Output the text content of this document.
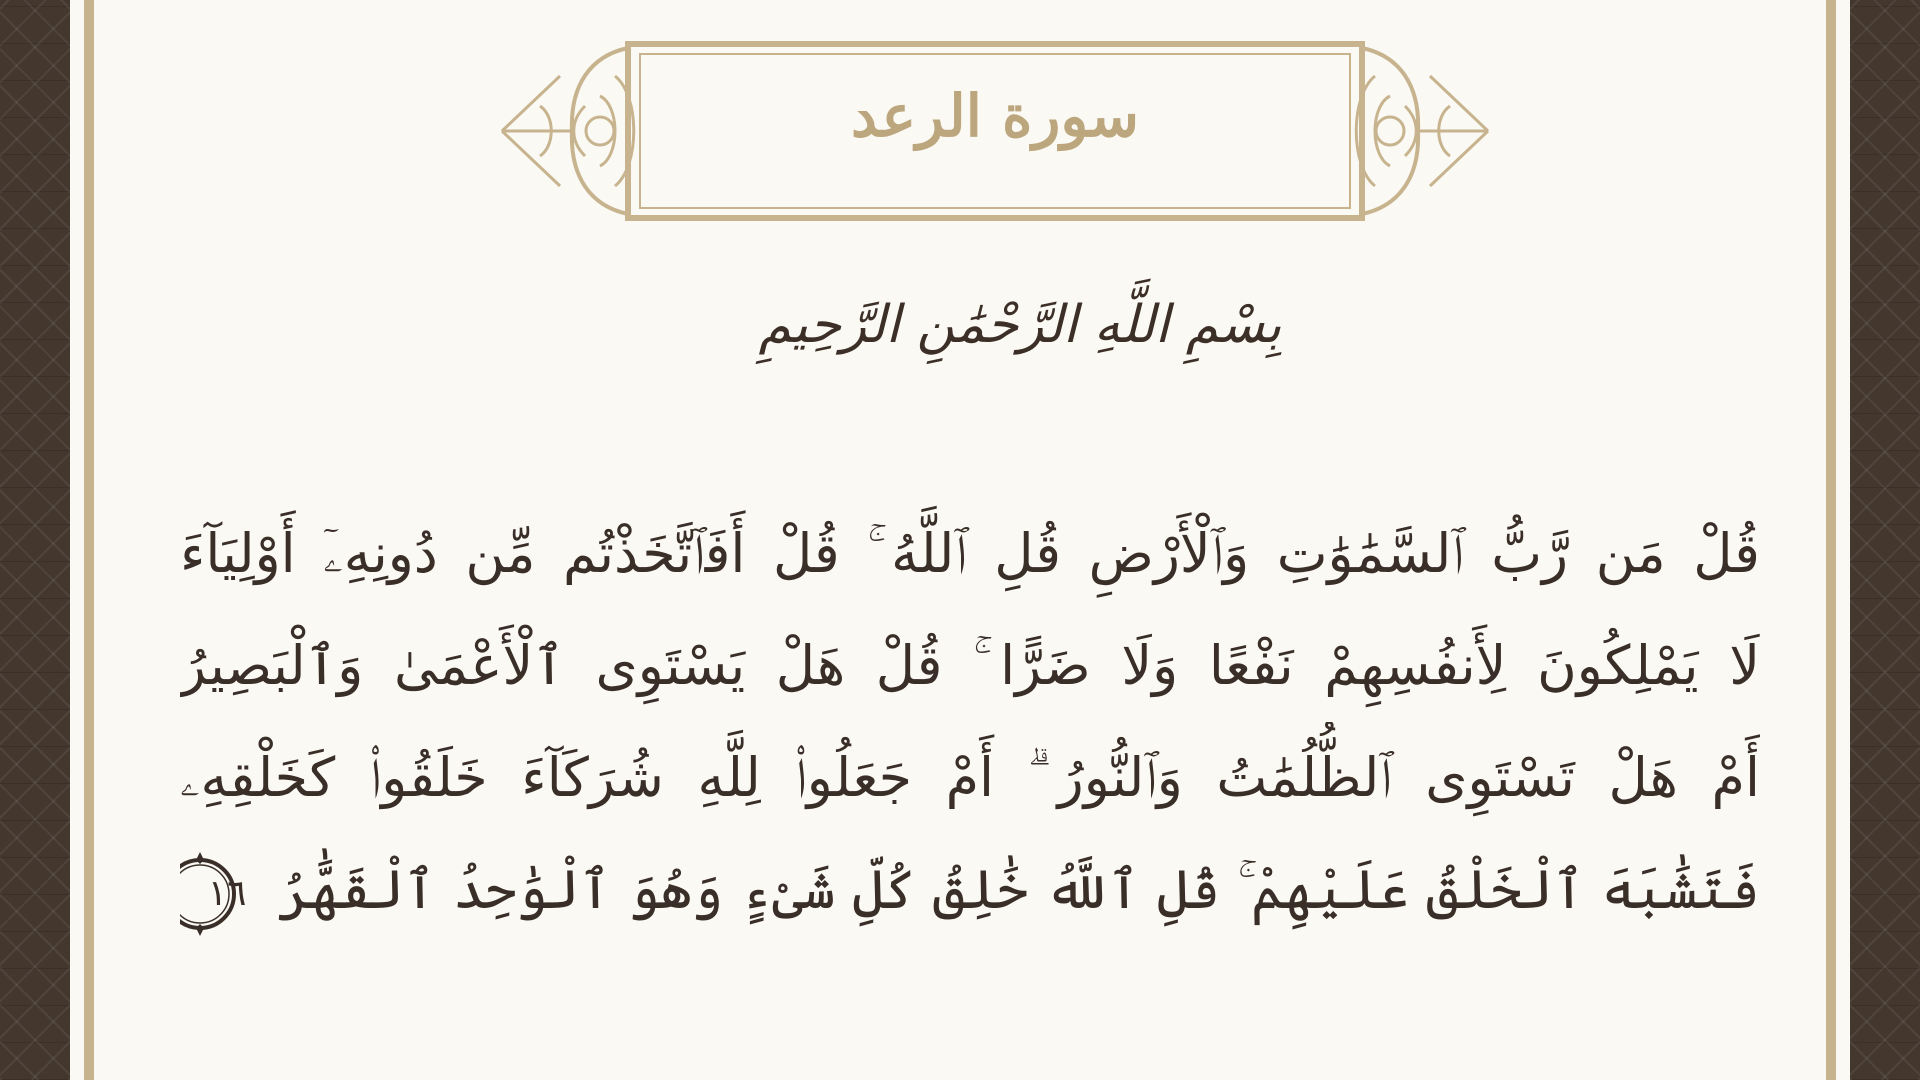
سورة الرعد
بِسْمِ اللَّهِ الرَّحْمَٰنِ الرَّحِيمِ
قُلْ مَن رَّبُّ ٱلسَّمَٰوَٰتِ وَٱلْأَرْضِ قُلِ ٱللَّهُ ۚ قُلْ أَفَٱتَّخَذْتُم مِّن دُونِهِۦٓ أَوْلِيَآءَ
لَا يَمْلِكُونَ لِأَنفُسِهِمْ نَفْعًا وَلَا ضَرًّا ۚ قُلْ هَلْ يَسْتَوِى ٱلْأَعْمَىٰ وَٱلْبَصِيرُ
أَمْ هَلْ تَسْتَوِى ٱلظُّلُمَٰتُ وَٱلنُّورُ ۗ أَمْ جَعَلُوا۟ لِلَّهِ شُرَكَآءَ خَلَقُوا۟ كَخَلْقِهِۦ
فَتَشَٰبَهَ ٱلْخَلْقُ عَلَيْهِمْ ۚ قُلِ ٱللَّهُ خَٰلِقُ كُلِّ شَىْءٍ وَهُوَ ٱلْوَٰحِدُ ٱلْقَهَّٰرُ
١٦
